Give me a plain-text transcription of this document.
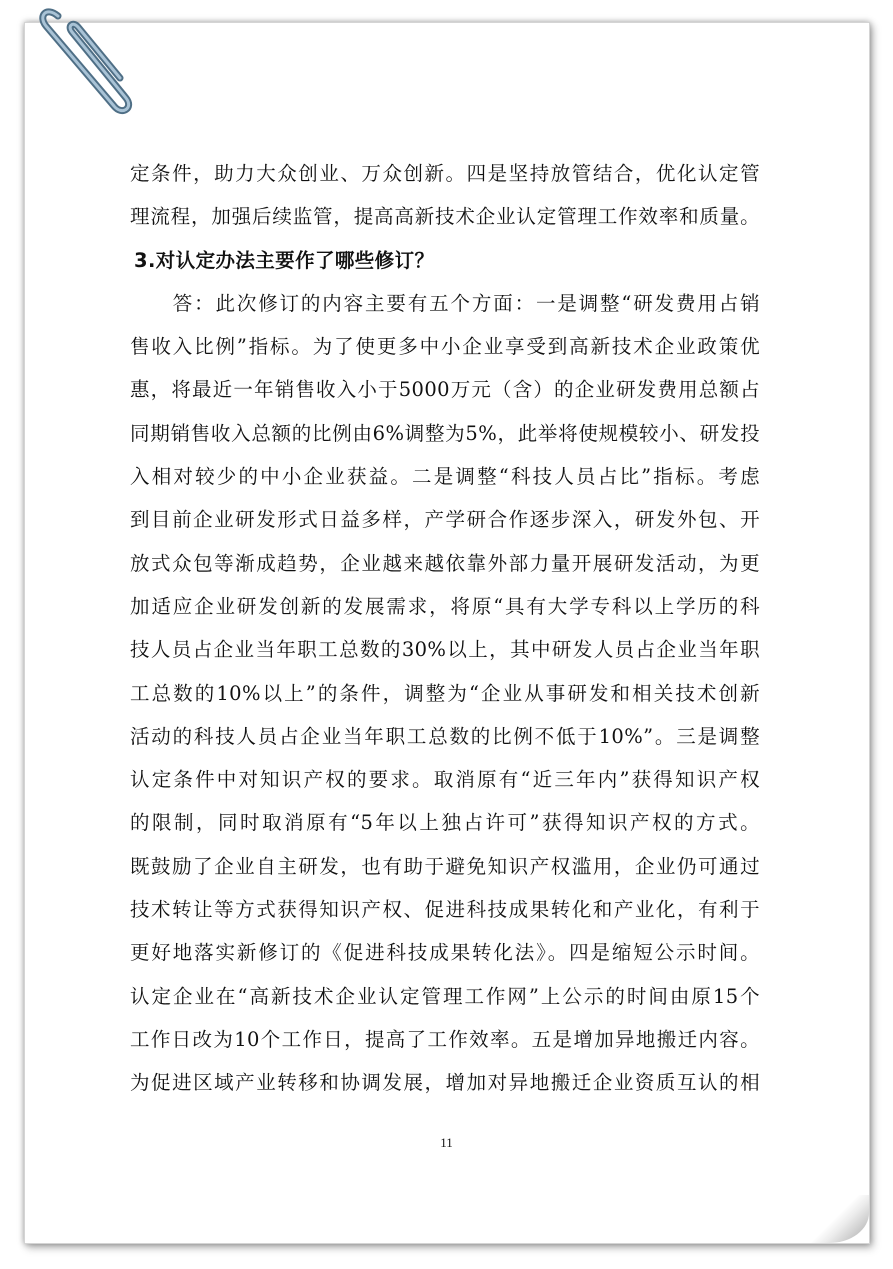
定条件，助力大众创业、万众创新。四是坚持放管结合，优化认定管
理流程，加强后续监管，提高高新技术企业认定管理工作效率和质量。
3.对认定办法主要作了哪些修订？
　　答：此次修订的内容主要有五个方面：一是调整“研发费用占销
售收入比例”指标。为了使更多中小企业享受到高新技术企业政策优
惠，将最近一年销售收入小于5000万元（含）的企业研发费用总额占
同期销售收入总额的比例由6%调整为5%，此举将使规模较小、研发投
入相对较少的中小企业获益。二是调整“科技人员占比”指标。考虑
到目前企业研发形式日益多样，产学研合作逐步深入，研发外包、开
放式众包等渐成趋势，企业越来越依靠外部力量开展研发活动，为更
加适应企业研发创新的发展需求，将原“具有大学专科以上学历的科
技人员占企业当年职工总数的30%以上，其中研发人员占企业当年职
工总数的10%以上”的条件，调整为“企业从事研发和相关技术创新
活动的科技人员占企业当年职工总数的比例不低于10%”。三是调整
认定条件中对知识产权的要求。取消原有“近三年内”获得知识产权
的限制，同时取消原有“5年以上独占许可”获得知识产权的方式。
既鼓励了企业自主研发，也有助于避免知识产权滥用，企业仍可通过
技术转让等方式获得知识产权、促进科技成果转化和产业化，有利于
更好地落实新修订的《促进科技成果转化法》。四是缩短公示时间。
认定企业在“高新技术企业认定管理工作网”上公示的时间由原15个
工作日改为10个工作日，提高了工作效率。五是增加异地搬迁内容。
为促进区域产业转移和协调发展，增加对异地搬迁企业资质互认的相
11
